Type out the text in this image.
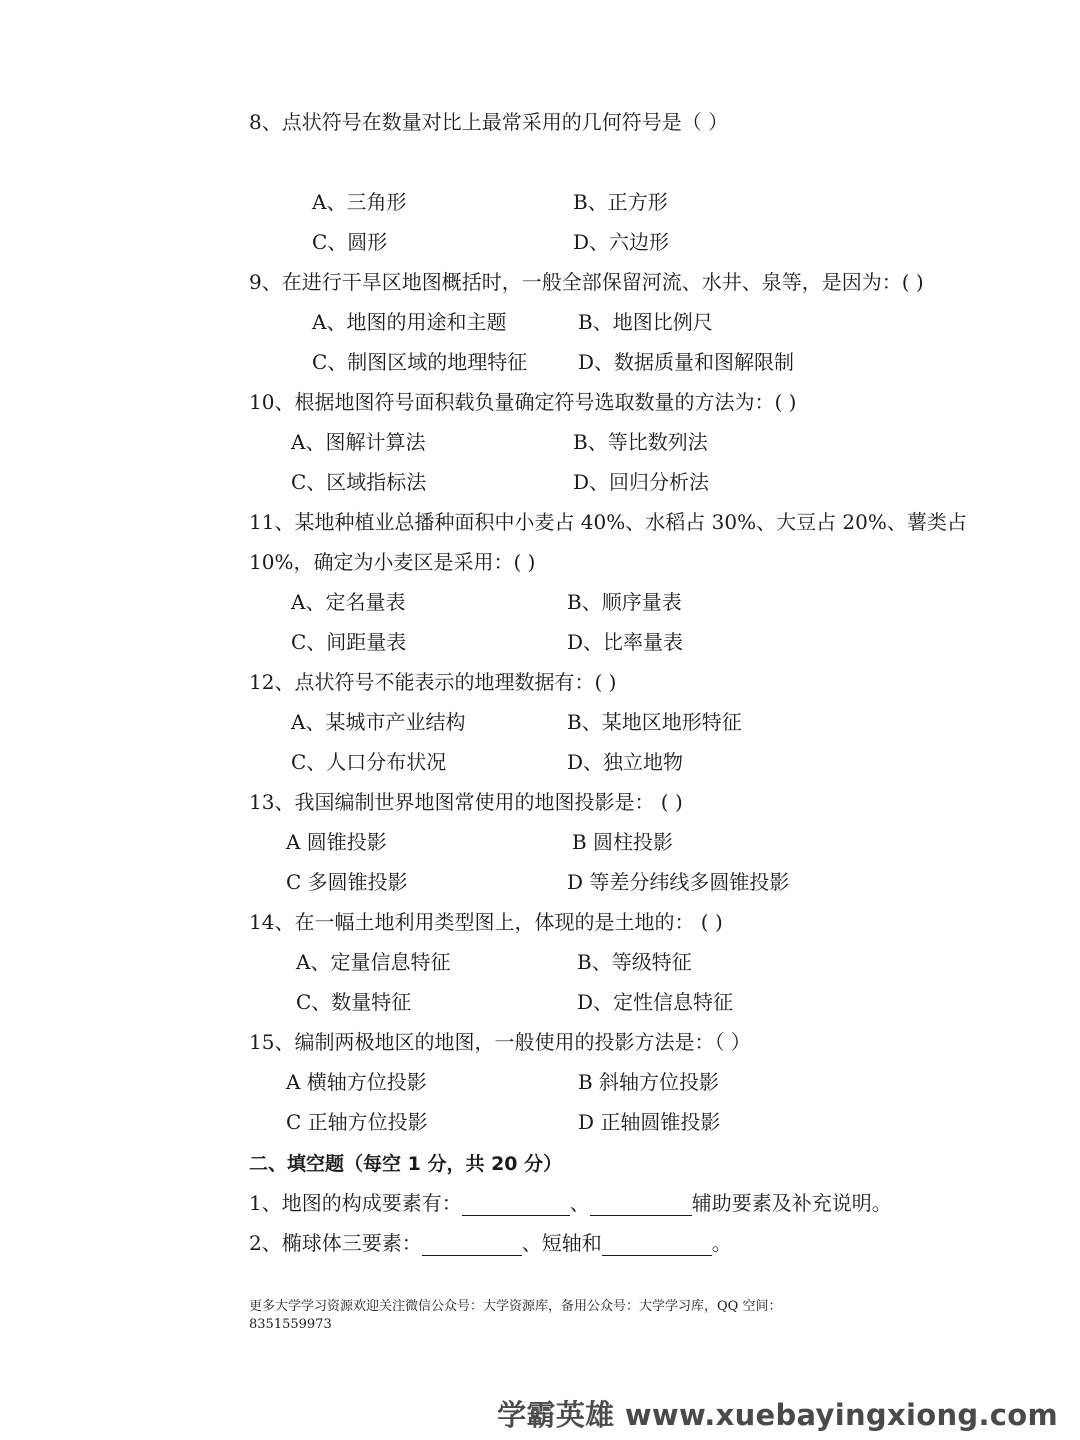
8、点状符号在数量对比上最常采用的几何符号是（ ）
A、三角形	B、正方形
C、圆形	D、六边形
9、在进行干旱区地图概括时，一般全部保留河流、水井、泉等，是因为：( )
A、地图的用途和主题	B、地图比例尺
C、制图区域的地理特征	D、数据质量和图解限制
10、根据地图符号面积载负量确定符号选取数量的方法为：( )
A、图解计算法	B、等比数列法
C、区域指标法	D、回归分析法
11、某地种植业总播种面积中小麦占 40%、水稻占 30%、大豆占 20%、薯类占
10%，确定为小麦区是采用：( )
A、定名量表	B、顺序量表
C、间距量表	D、比率量表
12、点状符号不能表示的地理数据有：( )
A、某城市产业结构	B、某地区地形特征
C、人口分布状况	D、独立地物
13、我国编制世界地图常使用的地图投影是： ( )
A 圆锥投影	B 圆柱投影
C 多圆锥投影	D 等差分纬线多圆锥投影
14、在一幅土地利用类型图上，体现的是土地的： ( )
A、定量信息特征	B、等级特征
C、数量特征	D、定性信息特征
15、编制两极地区的地图，一般使用的投影方法是：（ ）
A 横轴方位投影	B 斜轴方位投影
C 正轴方位投影	D 正轴圆锥投影
二、填空题（每空 1 分，共 20 分）
1、地图的构成要素有：	、	辅助要素及补充说明。
2、椭球体三要素：	、短轴和	。
更多大学学习资源欢迎关注微信公众号：大学资源库，备用公众号：大学学习库，QQ 空间：
8351559973
学霸英雄 www.xuebayingxiong.com
